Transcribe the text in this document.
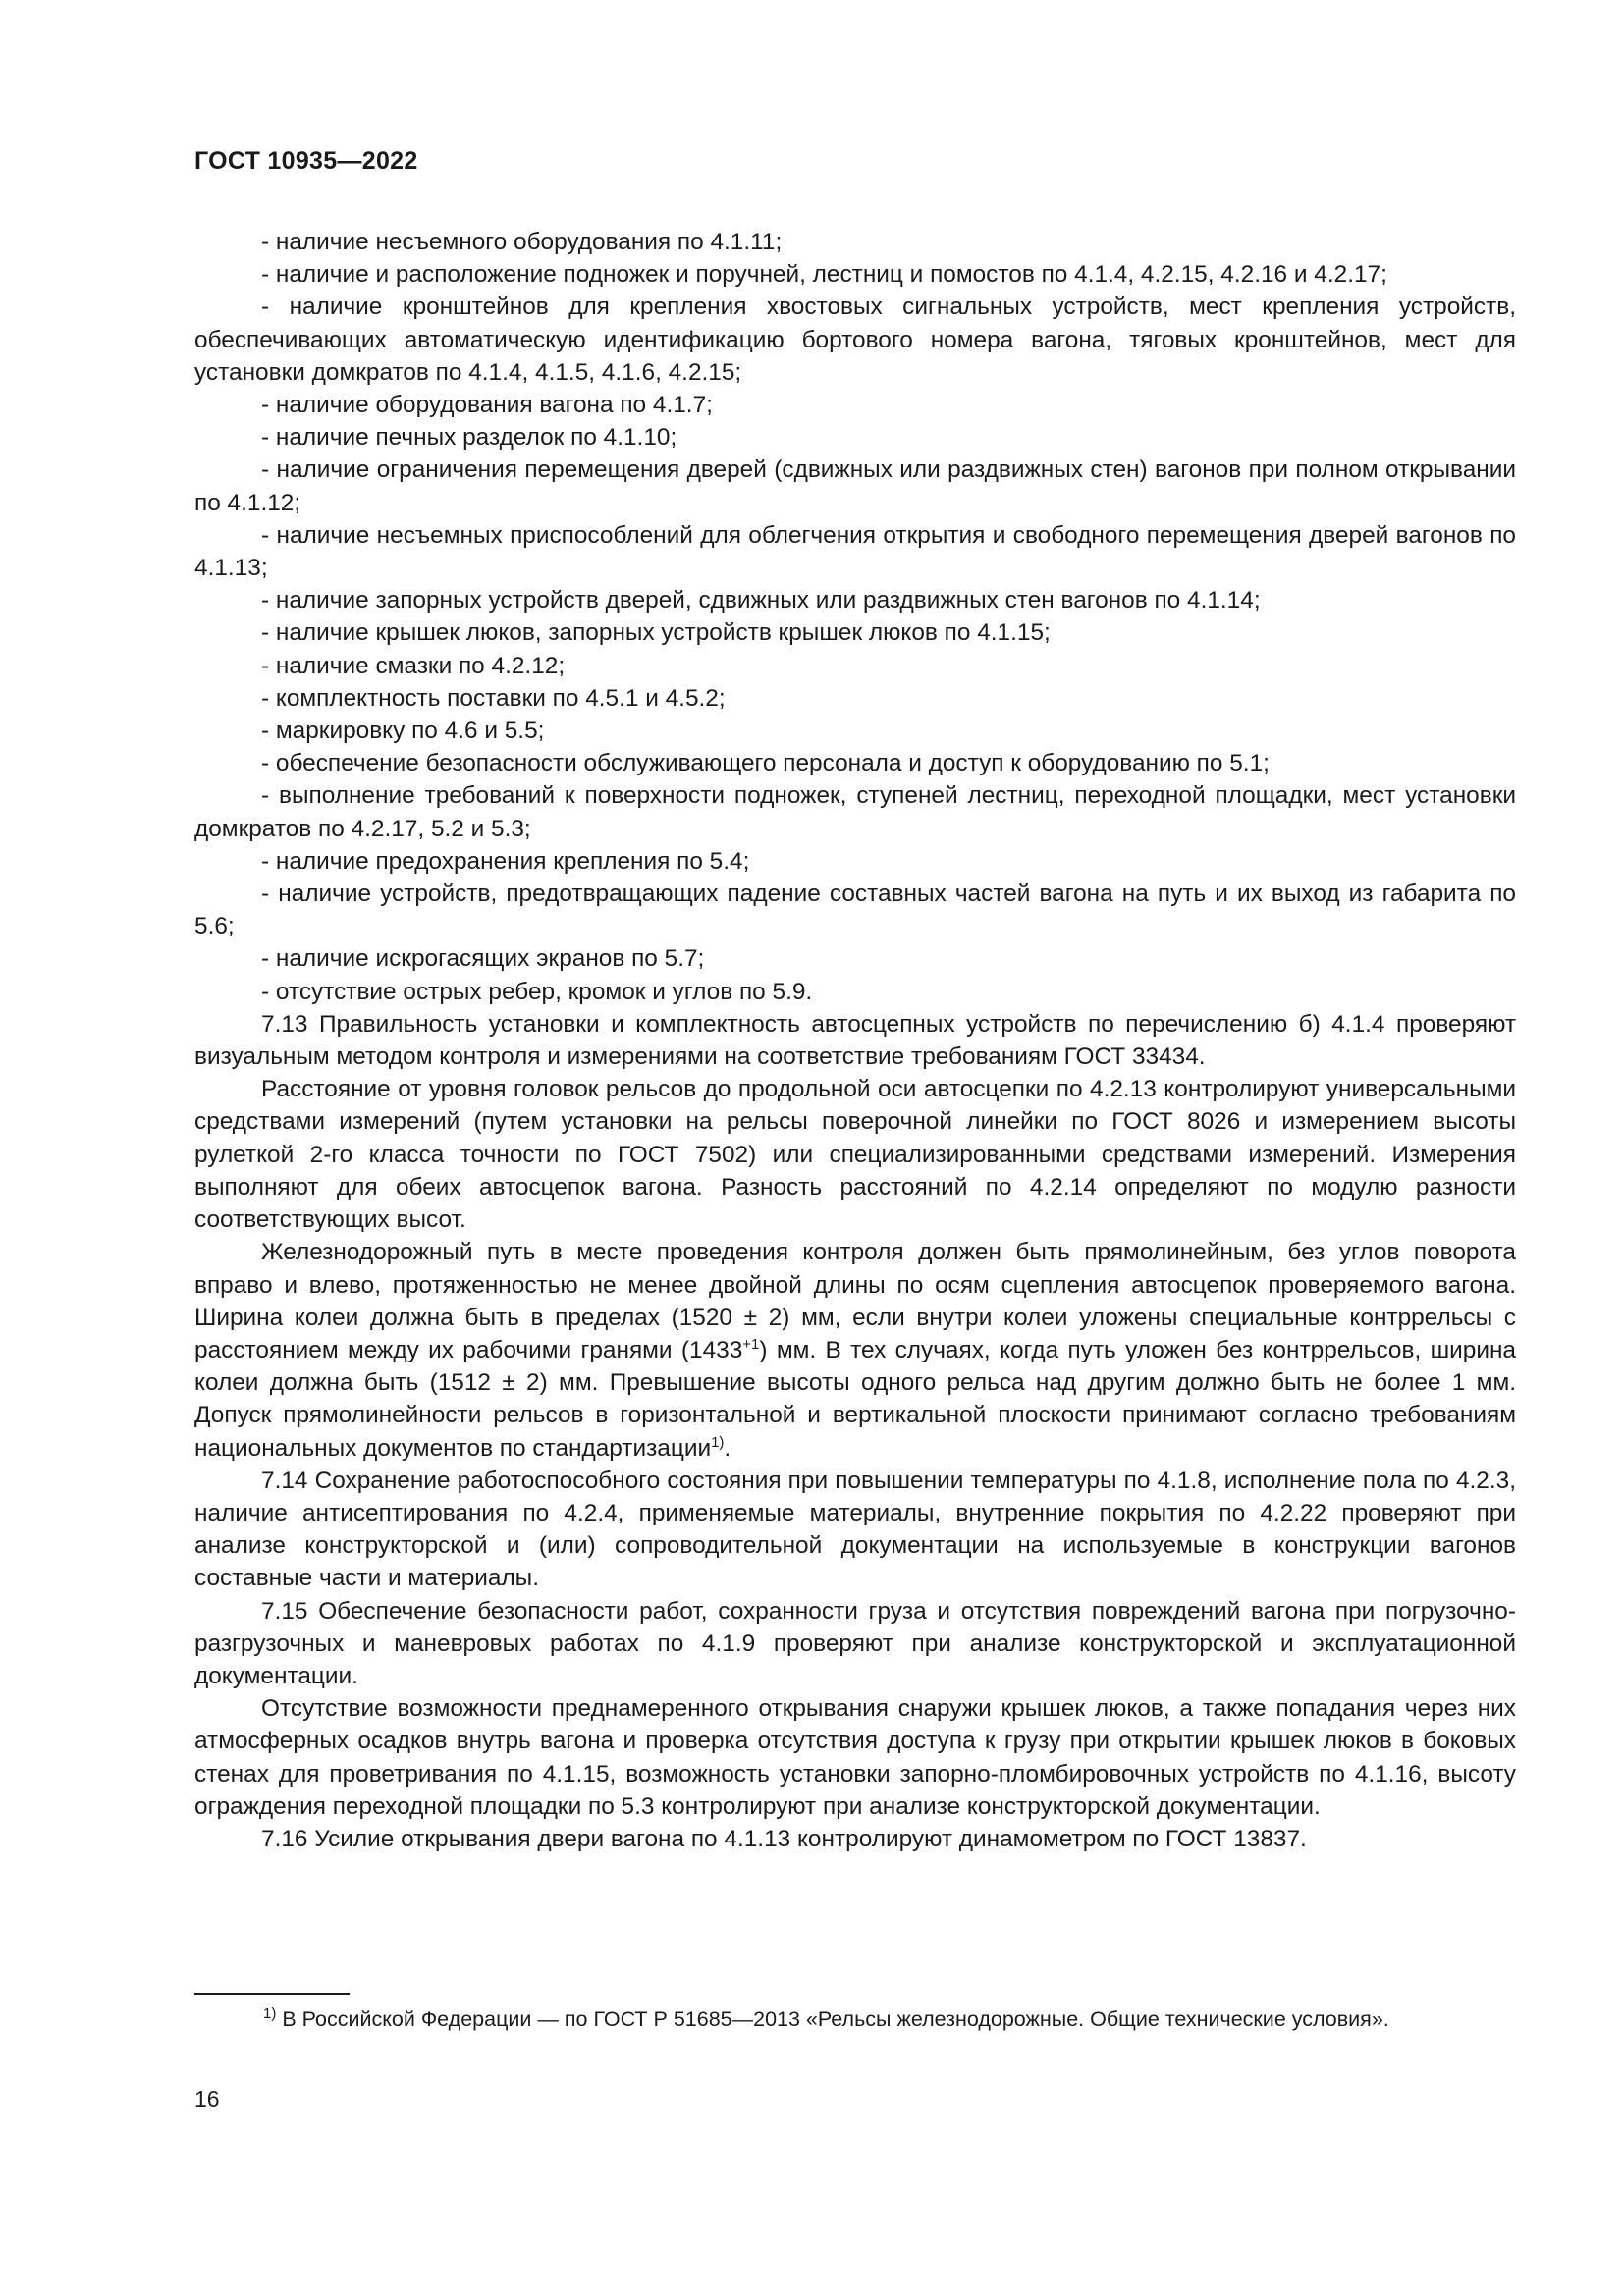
ГОСТ 10935—2022

- наличие несъемного оборудования по 4.1.11;

- наличие и расположение подножек и поручней, лестниц и помостов по 4.1.4, 4.2.15, 4.2.16 и 4.2.17;

- наличие кронштейнов для крепления хвостовых сигнальных устройств, мест крепления устройств, обеспечивающих автоматическую идентификацию бортового номера вагона, тяговых кронштейнов, мест для установки домкратов по 4.1.4, 4.1.5, 4.1.6, 4.2.15;

- наличие оборудования вагона по 4.1.7;

- наличие печных разделок по 4.1.10;

- наличие ограничения перемещения дверей (сдвижных или раздвижных стен) вагонов при полном открывании по 4.1.12;

- наличие несъемных приспособлений для облегчения открытия и свободного перемещения дверей вагонов по 4.1.13;

- наличие запорных устройств дверей, сдвижных или раздвижных стен вагонов по 4.1.14;

- наличие крышек люков, запорных устройств крышек люков по 4.1.15;

- наличие смазки по 4.2.12;

- комплектность поставки по 4.5.1 и 4.5.2;

- маркировку по 4.6 и 5.5;

- обеспечение безопасности обслуживающего персонала и доступ к оборудованию по 5.1;

- выполнение требований к поверхности подножек, ступеней лестниц, переходной площадки, мест установки домкратов по 4.2.17, 5.2 и 5.3;

- наличие предохранения крепления по 5.4;

- наличие устройств, предотвращающих падение составных частей вагона на путь и их выход из габарита по 5.6;

- наличие искрогасящих экранов по 5.7;

- отсутствие острых ребер, кромок и углов по 5.9.

7.13 Правильность установки и комплектность автосцепных устройств по перечислению б) 4.1.4 проверяют визуальным методом контроля и измерениями на соответствие требованиям ГОСТ 33434.

Расстояние от уровня головок рельсов до продольной оси автосцепки по 4.2.13 контролируют универсальными средствами измерений (путем установки на рельсы поверочной линейки по ГОСТ 8026 и измерением высоты рулеткой 2-го класса точности по ГОСТ 7502) или специализированными средствами измерений. Измерения выполняют для обеих автосцепок вагона. Разность расстояний по 4.2.14 определяют по модулю разности соответствующих высот.

Железнодорожный путь в месте проведения контроля должен быть прямолинейным, без углов поворота вправо и влево, протяженностью не менее двойной длины по осям сцепления автосцепок проверяемого вагона. Ширина колеи должна быть в пределах (1520 ± 2) мм, если внутри колеи уложены специальные контррельсы с расстоянием между их рабочими гранями $(1433^{+1})$ мм. В тех случаях, когда путь уложен без контррельсов, ширина колеи должна быть (1512 ± 2) мм. Превышение высоты одного рельса над другим должно быть не более 1 мм. Допуск прямолинейности рельсов в горизонтальной и вертикальной плоскости принимают согласно требованиям национальных документов по стандартизации$^{1)}$.

7.14 Сохранение работоспособного состояния при повышении температуры по 4.1.8, исполнение пола по 4.2.3, наличие антисептирования по 4.2.4, применяемые материалы, внутренние покрытия по 4.2.22 проверяют при анализе конструкторской и (или) сопроводительной документации на используемые в конструкции вагонов составные части и материалы.

7.15 Обеспечение безопасности работ, сохранности груза и отсутствия повреждений вагона при погрузочно-разгрузочных и маневровых работах по 4.1.9 проверяют при анализе конструкторской и эксплуатационной документации.

Отсутствие возможности преднамеренного открывания снаружи крышек люков, а также попадания через них атмосферных осадков внутрь вагона и проверка отсутствия доступа к грузу при открытии крышек люков в боковых стенах для проветривания по 4.1.15, возможность установки запорно-пломбировочных устройств по 4.1.16, высоту ограждения переходной площадки по 5.3 контролируют при анализе конструкторской документации.

7.16 Усилие открывания двери вагона по 4.1.13 контролируют динамометром по ГОСТ 13837.

$^{1)}$ В Российской Федерации — по ГОСТ Р 51685—2013 «Рельсы железнодорожные. Общие технические условия».
16
